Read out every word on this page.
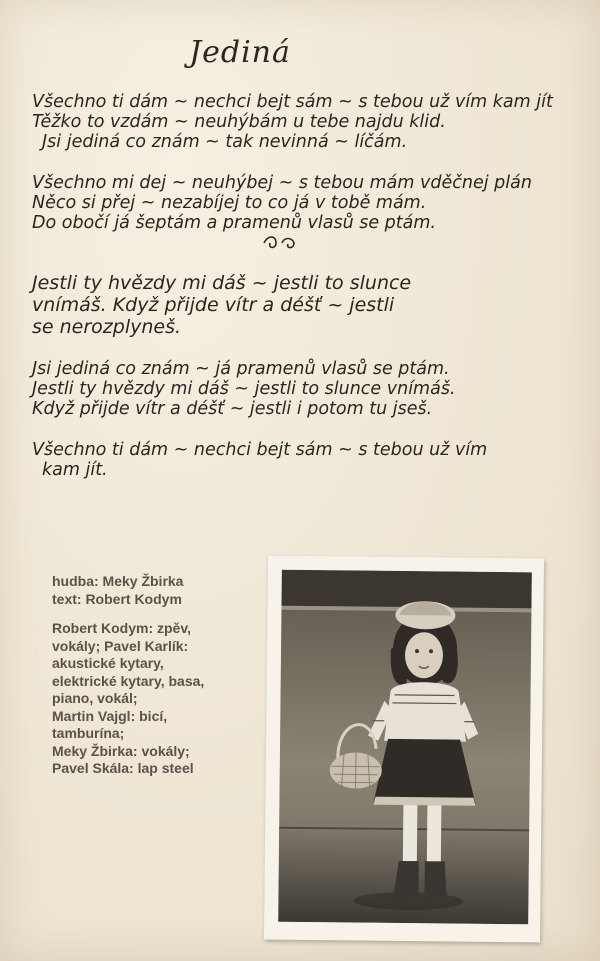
Jediná
Všechno ti dám ~ nechci bejt sám ~ s tebou už vím kam jít
Těžko to vzdám ~ neuhýbám u tebe najdu klid.
Jsi jediná co znám ~ tak nevinná ~ líčám.
Všechno mi dej ~ neuhýbej ~ s tebou mám vděčnej plán
Něco si přej ~ nezabíjej to co já v tobě mám.
Do obočí já šeptám a pramenů vlasů se ptám.
Jestli ty hvězdy mi dáš ~ jestli to slunce
vnímáš. Když přijde vítr a déšť ~ jestli
se nerozplyneš.
Jsi jediná co znám ~ já pramenů vlasů se ptám.
Jestli ty hvězdy mi dáš ~ jestli to slunce vnímáš.
Když přijde vítr a déšť ~ jestli i potom tu jseš.
Všechno ti dám ~ nechci bejt sám ~ s tebou už vím
kam jít.
hudba: Meky Žbirka
text: Robert Kodym
Robert Kodym: zpěv,
vokály; Pavel Karlík:
akustické kytary,
elektrické kytary, basa,
piano, vokál;
Martin Vajgl: bicí,
tamburína;
Meky Žbirka: vokály;
Pavel Skála: lap steel
